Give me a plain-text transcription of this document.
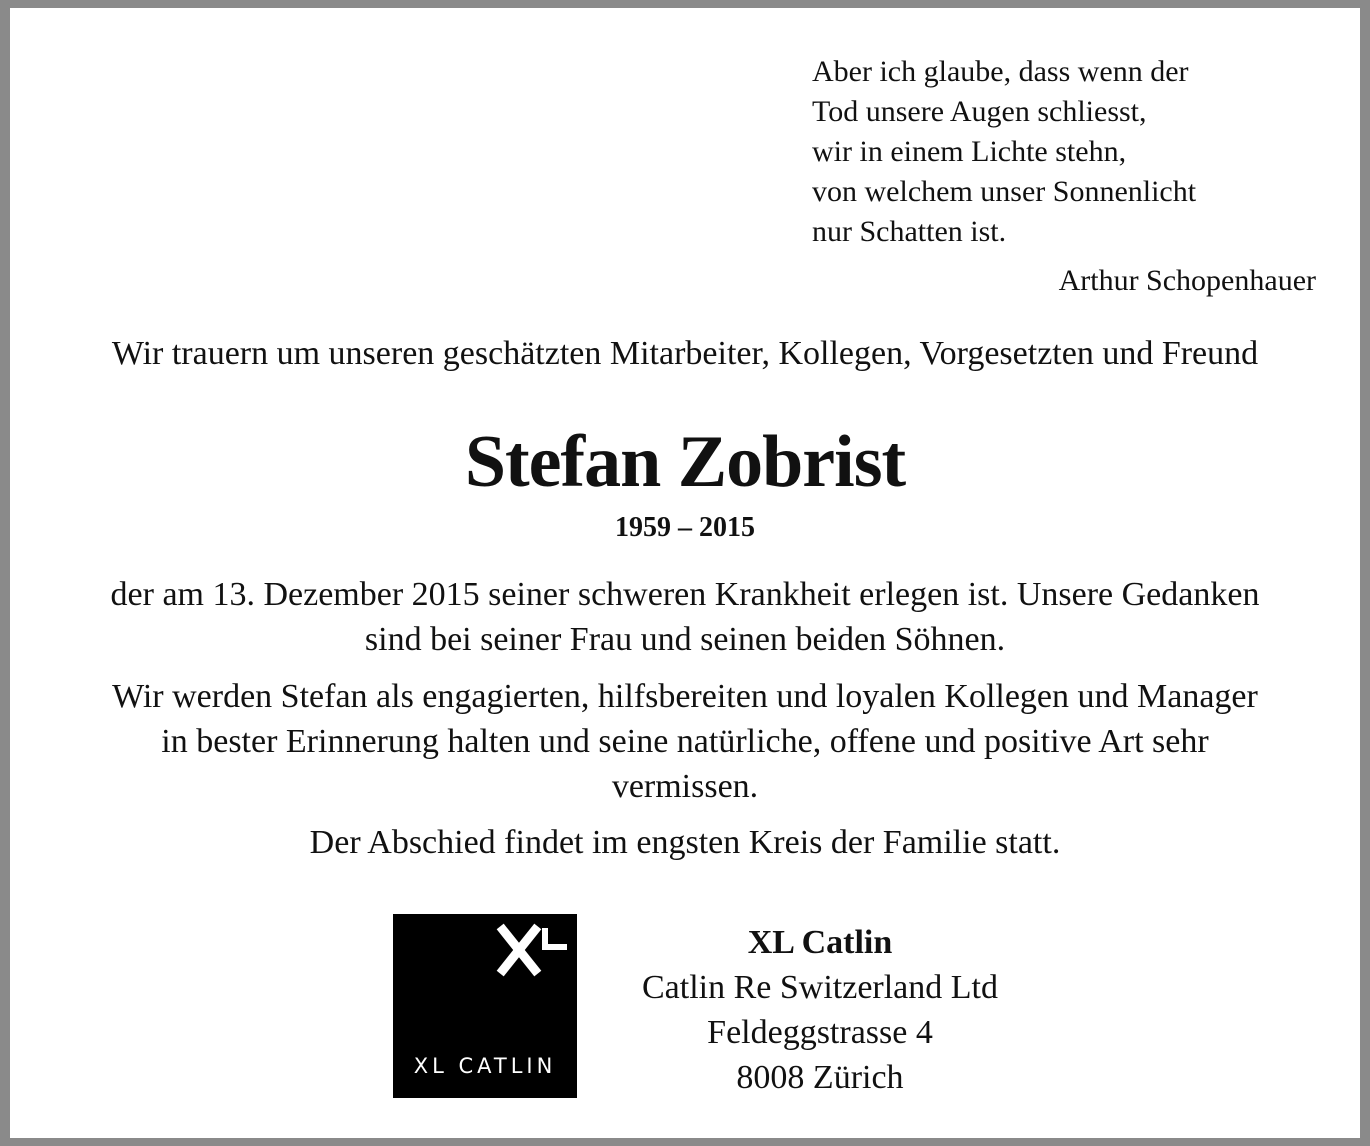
Aber ich glaube, dass wenn der
Tod unsere Augen schliesst,
wir in einem Lichte stehn,
von welchem unser Sonnenlicht
nur Schatten ist.
Arthur Schopenhauer
Wir trauern um unseren geschätzten Mitarbeiter, Kollegen, Vorgesetzten und Freund
Stefan Zobrist
1959 – 2015
der am 13. Dezember 2015 seiner schweren Krankheit erlegen ist. Unsere Gedanken
sind bei seiner Frau und seinen beiden Söhnen.
Wir werden Stefan als engagierten, hilfsbereiten und loyalen Kollegen und Manager
in bester Erinnerung halten und seine natürliche, offene und positive Art sehr
vermissen.
Der Abschied findet im engsten Kreis der Familie statt.
XL CATLIN
XL Catlin
Catlin Re Switzerland Ltd
Feldeggstrasse 4
8008 Zürich
